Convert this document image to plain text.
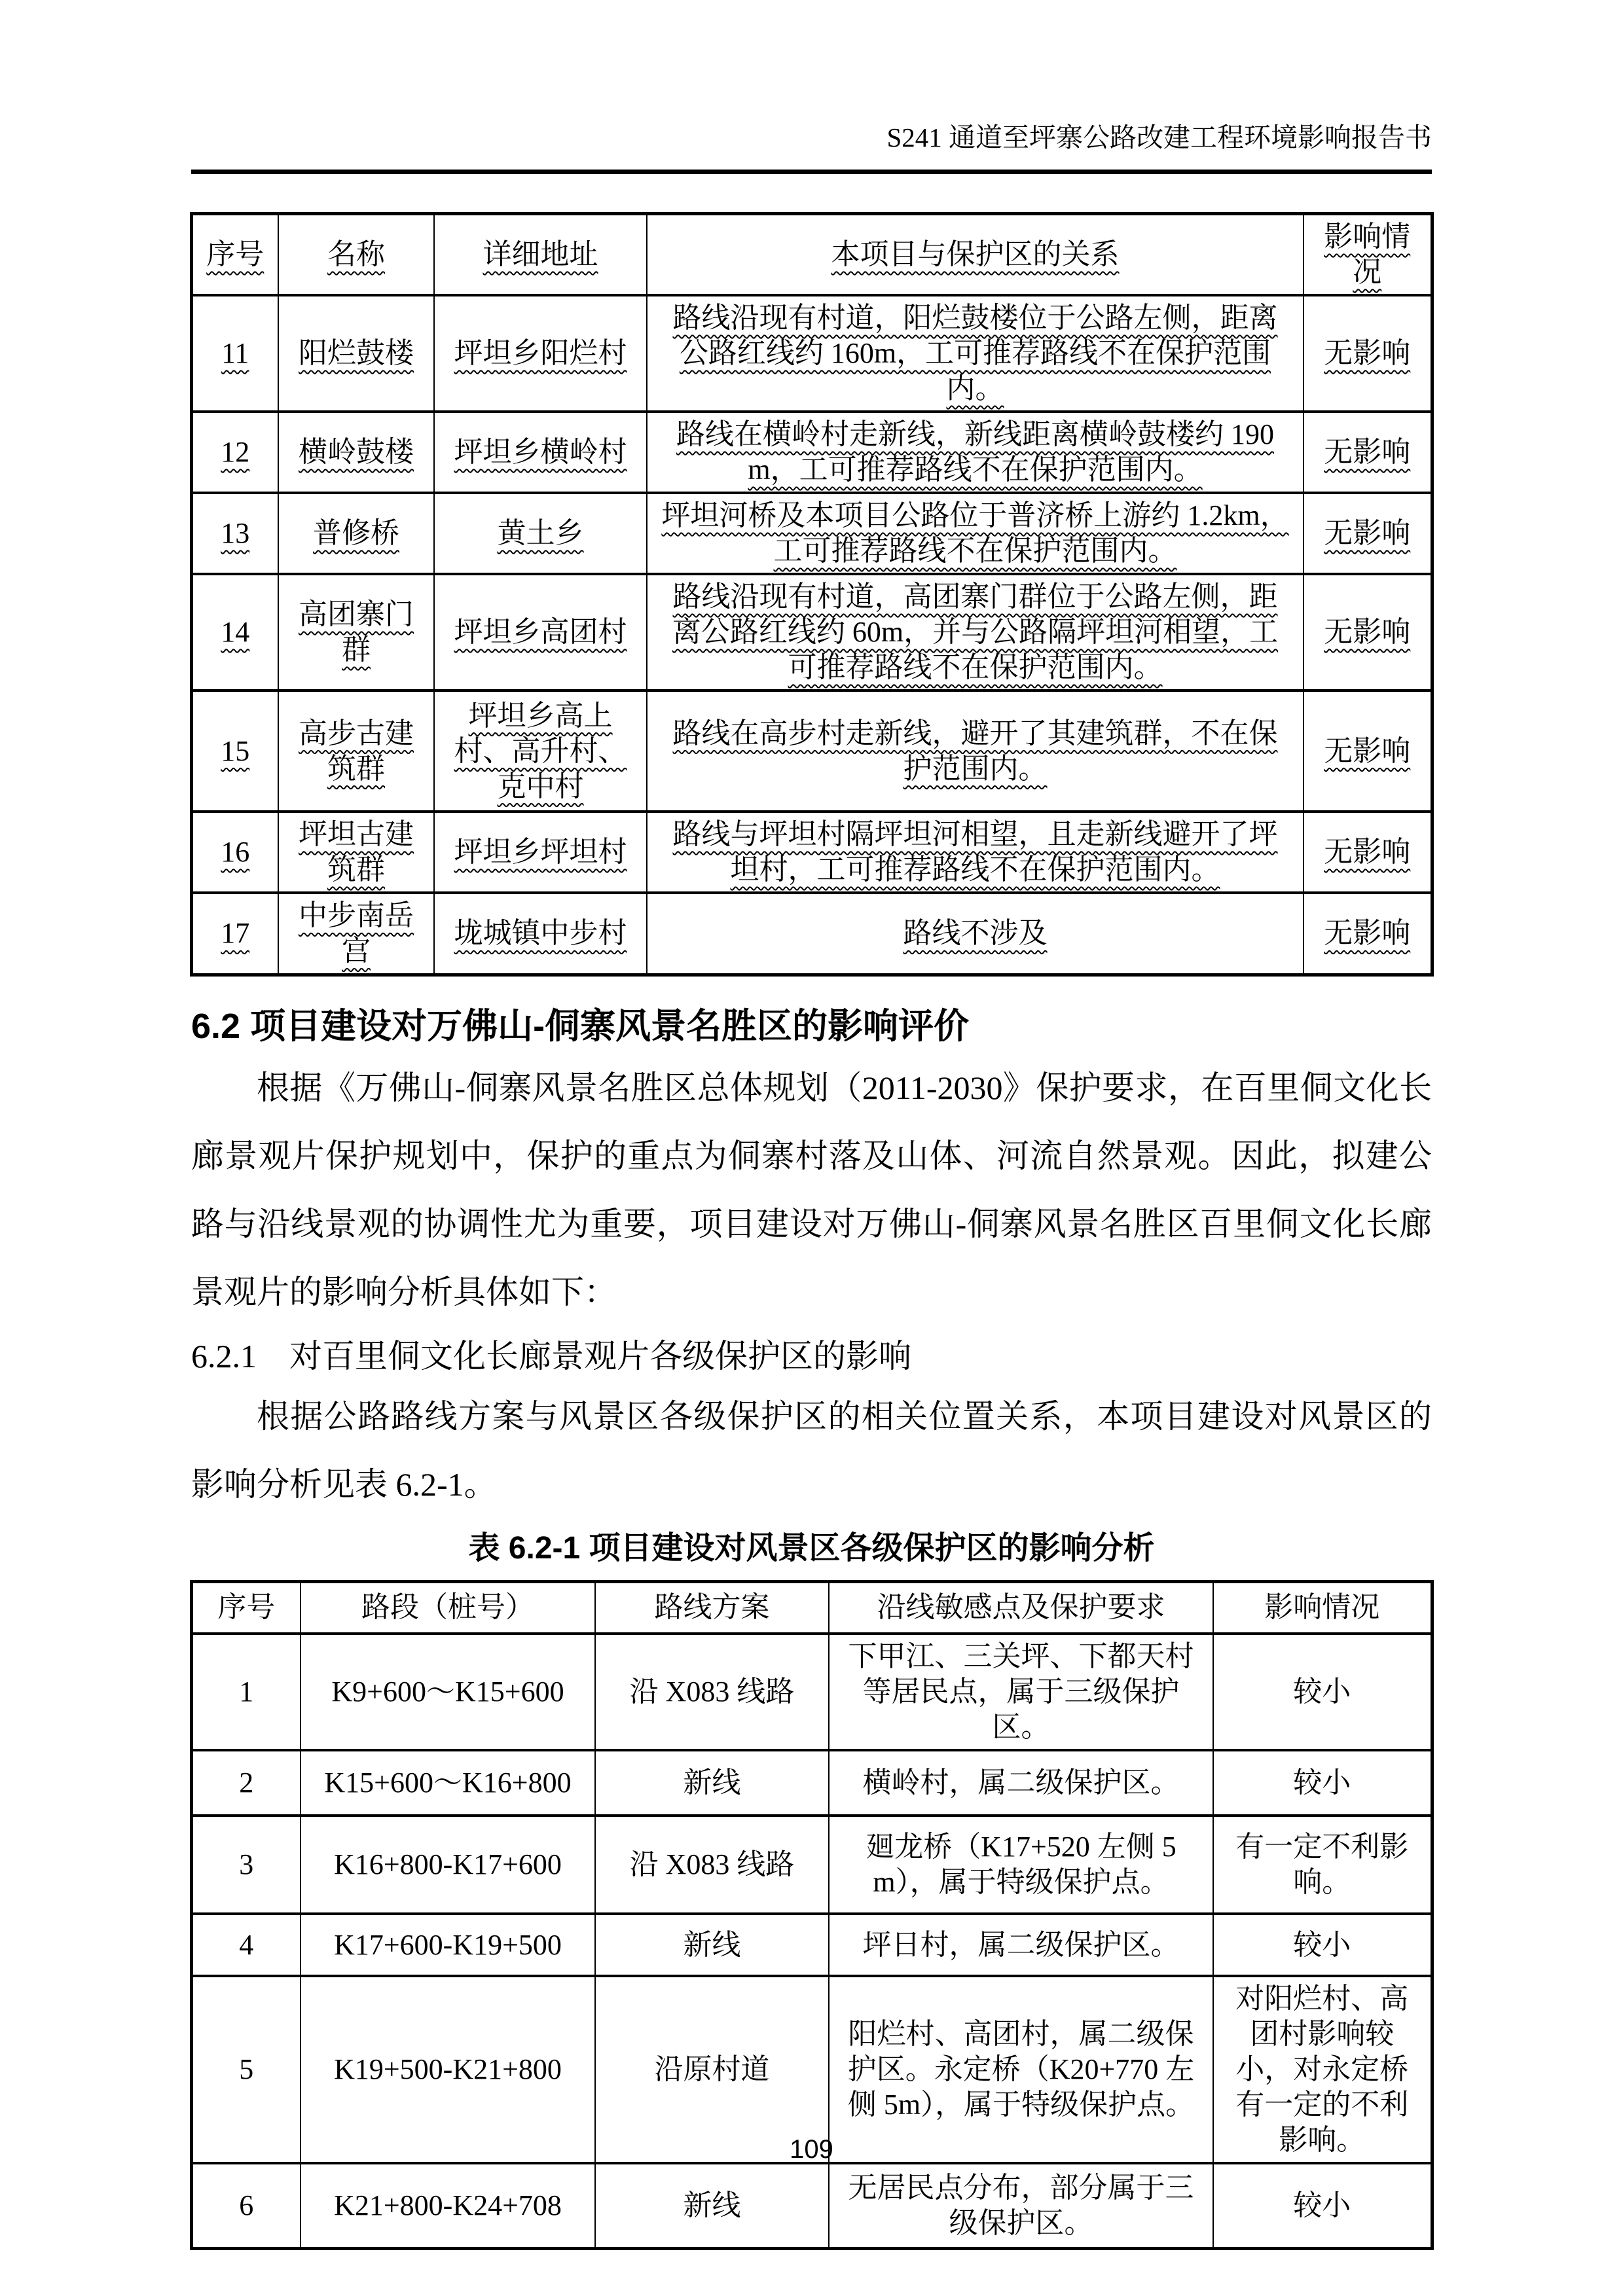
S241 通道至坪寨公路改建工程环境影响报告书
序号	名称	详细地址	本项目与保护区的关系	影响情况
11	阳烂鼓楼	坪坦乡阳烂村	路线沿现有村道，阳烂鼓楼位于公路左侧，距离公路红线约 160m，工可推荐路线不在保护范围内。	无影响
12	横岭鼓楼	坪坦乡横岭村	路线在横岭村走新线，新线距离横岭鼓楼约 190m，工可推荐路线不在保护范围内。	无影响
13	普修桥	黄土乡	坪坦河桥及本项目公路位于普济桥上游约 1.2km，工可推荐路线不在保护范围内。	无影响
14	高团寨门群	坪坦乡高团村	路线沿现有村道，高团寨门群位于公路左侧，距离公路红线约 60m，并与公路隔坪坦河相望，工可推荐路线不在保护范围内。	无影响
15	高步古建筑群	坪坦乡高上村、高升村、克中村	路线在高步村走新线，避开了其建筑群，不在保护范围内。	无影响
16	坪坦古建筑群	坪坦乡坪坦村	路线与坪坦村隔坪坦河相望，且走新线避开了坪坦村，工可推荐路线不在保护范围内。	无影响
17	中步南岳宫	垅城镇中步村	路线不涉及	无影响
6.2 项目建设对万佛山-侗寨风景名胜区的影响评价

根据《万佛山-侗寨风景名胜区总体规划（2011-2030》保护要求，在百里侗文化长廊景观片保护规划中，保护的重点为侗寨村落及山体、河流自然景观。因此，拟建公路与沿线景观的协调性尤为重要，项目建设对万佛山-侗寨风景名胜区百里侗文化长廊景观片的影响分析具体如下：

6.2.1　对百里侗文化长廊景观片各级保护区的影响

根据公路路线方案与风景区各级保护区的相关位置关系，本项目建设对风景区的影响分析见表 6.2-1。

表 6.2-1 项目建设对风景区各级保护区的影响分析
序号	路段（桩号）	路线方案	沿线敏感点及保护要求	影响情况
1	K9+600～K15+600	沿 X083 线路	下甲江、三关坪、下都天村等居民点，属于三级保护区。	较小
2	K15+600～K16+800	新线	横岭村，属二级保护区。	较小
3	K16+800-K17+600	沿 X083 线路	廻龙桥（K17+520 左侧 5m），属于特级保护点。	有一定不利影响。
4	K17+600-K19+500	新线	坪日村，属二级保护区。	较小
5	K19+500-K21+800	沿原村道	阳烂村、高团村，属二级保护区。永定桥（K20+770 左侧 5m），属于特级保护点。	对阳烂村、高团村影响较小，对永定桥有一定的不利影响。
6	K21+800-K24+708	新线	无居民点分布，部分属于三级保护区。	较小
109
